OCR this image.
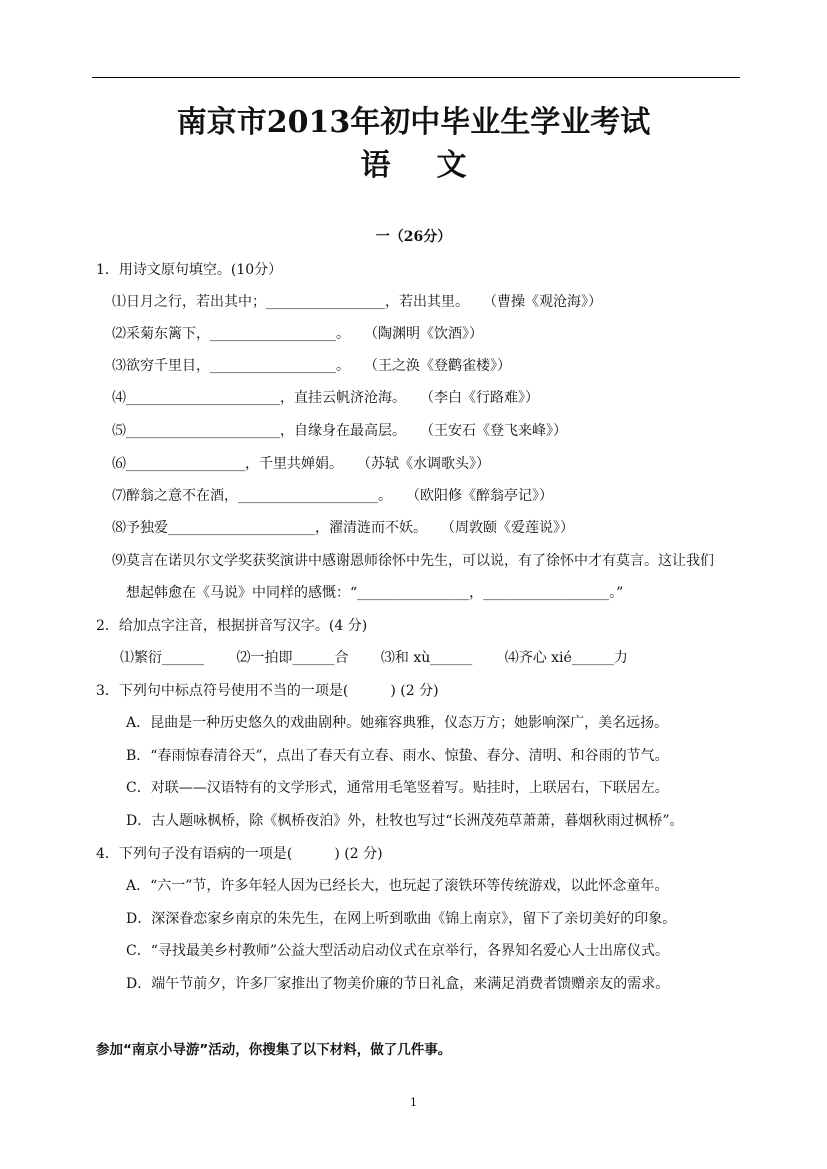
南京市2013年初中毕业生学业考试
语文
一（26分）
1．用诗文原句填空。(10分）
⑴日月之行，若出其中；_________________，若出其里。　　（曹操《观沧海》）
⑵采菊东篱下，__________________。　　（陶渊明《饮酒》）
⑶欲穷千里目，__________________。　　（王之涣《登鹳雀楼》）
⑷______________________，直挂云帆济沧海。　　（李白《行路难》）
⑸______________________，自缘身在最高层。　　（王安石《登飞来峰》）
⑹_________________，千里共婵娟。　　（苏轼《水调歌头》）
⑺醉翁之意不在酒，____________________。　　（欧阳修《醉翁亭记》）
⑻予独爱_____________________，濯清涟而不妖。　　（周敦颐《爱莲说》）
⑼莫言在诺贝尔文学奖获奖演讲中感谢恩师徐怀中先生，可以说，有了徐怀中才有莫言。这让我们
想起韩愈在《马说》中同样的感慨：“________________，__________________。”
2．给加点字注音，根据拼音写汉字。(4 分)
⑴繁衍______　　 ⑵一拍即______合　　 ⑶和 xù______　　 ⑷齐心 xié______力
3．下列句中标点符号使用不当的一项是(　　　) (2 分)
A．昆曲是一种历史悠久的戏曲剧种。她雍容典雅，仪态万方；她影响深广，美名远扬。
B．“春雨惊春清谷天”，点出了春天有立春、雨水、惊蛰、春分、清明、和谷雨的节气。
C．对联——汉语特有的文学形式，通常用毛笔竖着写。贴挂时，上联居右，下联居左。
D．古人题咏枫桥，除《枫桥夜泊》外，杜牧也写过“长洲茂苑草萧萧，暮烟秋雨过枫桥”。
4．下列句子没有语病的一项是(　　　) (2 分)
A．“六一”节，许多年轻人因为已经长大，也玩起了滚铁环等传统游戏，以此怀念童年。
D．深深眷恋家乡南京的朱先生，在网上听到歌曲《锦上南京》，留下了亲切美好的印象。
C．“寻找最美乡村教师”公益大型活动启动仪式在京举行，各界知名爱心人士出席仪式。
D．端午节前夕，许多厂家推出了物美价廉的节日礼盒，来满足消费者馈赠亲友的需求。
参加“南京小导游”活动，你搜集了以下材料，做了几件事。
1
